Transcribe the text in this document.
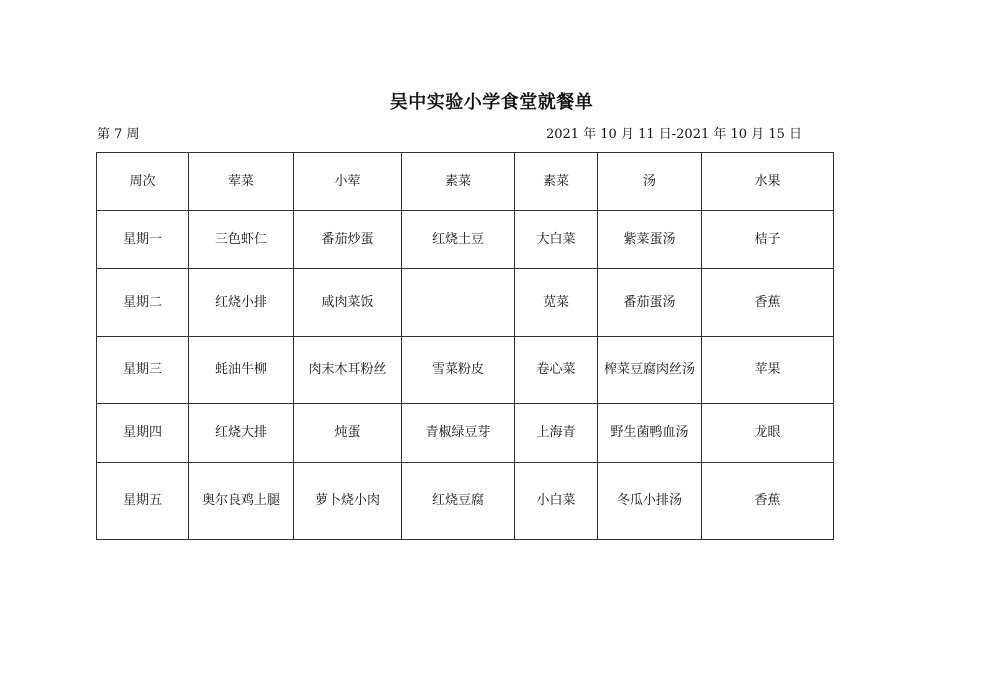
吴中实验小学食堂就餐单
第 7 周	2021 年 10 月 11 日-2021 年 10 月 15 日
周次	荤菜	小荤	素菜	素菜	汤	水果
星期一	三色虾仁	番茄炒蛋	红烧土豆	大白菜	紫菜蛋汤	桔子
星期二	红烧小排	咸肉菜饭		苋菜	番茄蛋汤	香蕉
星期三	蚝油牛柳	肉末木耳粉丝	雪菜粉皮	卷心菜	榨菜豆腐肉丝汤	苹果
星期四	红烧大排	炖蛋	青椒绿豆芽	上海青	野生菌鸭血汤	龙眼
星期五	奥尔良鸡上腿	萝卜烧小肉	红烧豆腐	小白菜	冬瓜小排汤	香蕉
